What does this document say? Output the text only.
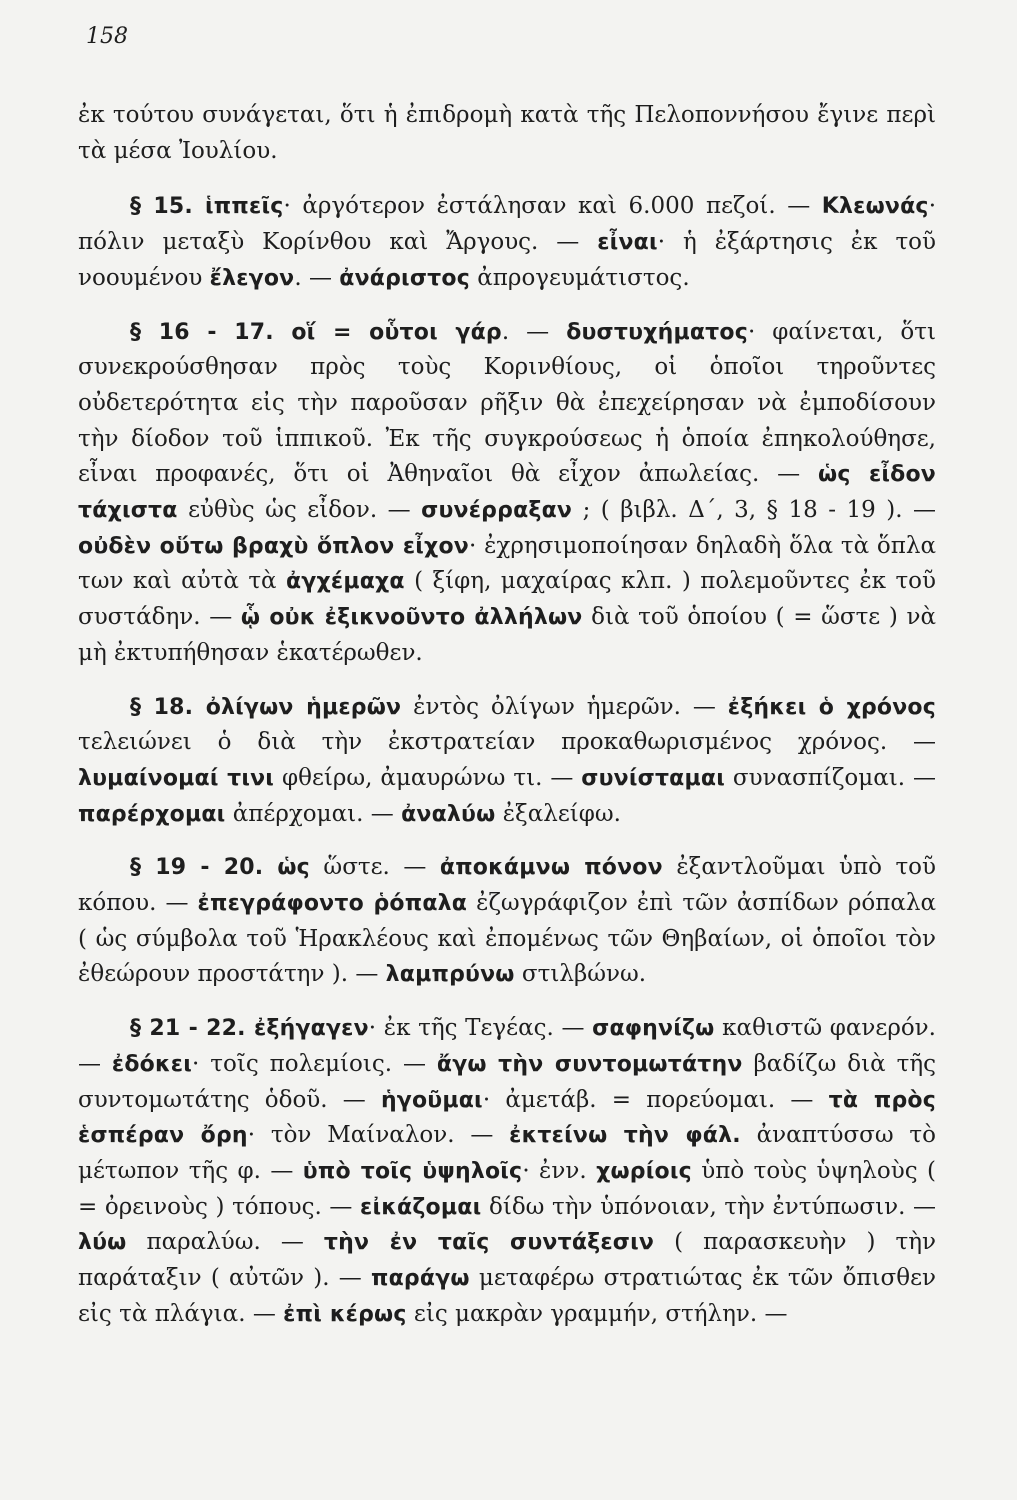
158

ἐκ τούτου συνάγεται, ὅτι ἡ ἐπιδρομὴ κατὰ τῆς Πελοποννήσου ἔγινε περὶ τὰ μέσα Ἰουλίου.

§ 15. ἱππεῖς· ἀργότερον ἐστάλησαν καὶ 6.000 πεζοί. — Κλεωνάς· πόλιν μεταξὺ Κορίνθου καὶ Ἄργους. — εἶναι· ἡ ἐξάρτησις ἐκ τοῦ νοουμένου ἔλεγον. — ἀνάριστος ἀπρογευμάτιστος.

§ 16 - 17. οἵ = οὗτοι γάρ. — δυστυχήματος· φαίνεται, ὅτι συνεκρούσθησαν πρὸς τοὺς Κορινθίους, οἱ ὁποῖοι τηροῦντες οὐδετερότητα εἰς τὴν παροῦσαν ρῆξιν θὰ ἐπεχείρησαν νὰ ἐμποδίσουν τὴν δίοδον τοῦ ἱππικοῦ. Ἐκ τῆς συγκρούσεως ἡ ὁποία ἐπηκολούθησε, εἶναι προφανές, ὅτι οἱ Ἀθηναῖοι θὰ εἶχον ἀπωλείας. — ὡς εἶδον τάχιστα εὐθὺς ὡς εἶδον. — συνέρραξαν ; ( βιβλ. Δ΄, 3, § 18 - 19 ). — οὐδὲν οὕτω βραχὺ ὅπλον εἶχον· ἐχρησιμοποίησαν δηλαδὴ ὅλα τὰ ὅπλα των καὶ αὐτὰ τὰ ἀγχέμαχα ( ξίφη, μαχαίρας κλπ. ) πολεμοῦντες ἐκ τοῦ συστάδην. — ᾧ οὐκ ἐξικνοῦντο ἀλλήλων διὰ τοῦ ὁποίου ( = ὥστε ) νὰ μὴ ἐκτυπήθησαν ἑκατέρωθεν.

§ 18. ὀλίγων ἡμερῶν ἐντὸς ὀλίγων ἡμερῶν. — ἐξήκει ὁ χρόνος τελειώνει ὁ διὰ τὴν ἐκστρατείαν προκαθωρισμένος χρόνος. — λυμαίνομαί τινι φθείρω, ἀμαυρώνω τι. — συνίσταμαι συνασπίζομαι. — παρέρχομαι ἀπέρχομαι. — ἀναλύω ἐξαλείφω.

§ 19 - 20. ὡς ὥστε. — ἀποκάμνω πόνον ἐξαντλοῦμαι ὑπὸ τοῦ κόπου. — ἐπεγράφοντο ῥόπαλα ἐζωγράφιζον ἐπὶ τῶν ἀσπίδων ρόπαλα ( ὡς σύμβολα τοῦ Ἡρακλέους καὶ ἐπομένως τῶν Θηβαίων, οἱ ὁποῖοι τὸν ἐθεώρουν προστάτην ). — λαμπρύνω στιλβώνω.

§ 21 - 22. ἐξήγαγεν· ἐκ τῆς Τεγέας. — σαφηνίζω καθιστῶ φανερόν. — ἐδόκει· τοῖς πολεμίοις. — ἄγω τὴν συντομωτάτην βαδίζω διὰ τῆς συντομωτάτης ὁδοῦ. — ἡγοῦμαι· ἀμετάβ. = πορεύομαι. — τὰ πρὸς ἑσπέραν ὄρη· τὸν Μαίναλον. — ἐκτείνω τὴν φάλ. ἀναπτύσσω τὸ μέτωπον τῆς φ. — ὑπὸ τοῖς ὑψηλοῖς· ἐνν. χωρίοις ὑπὸ τοὺς ὑψηλοὺς ( = ὀρεινοὺς ) τόπους. — εἰκάζομαι δίδω τὴν ὑπόνοιαν, τὴν ἐντύπωσιν. — λύω παραλύω. — τὴν ἐν ταῖς συντάξεσιν ( παρασκευὴν ) τὴν παράταξιν ( αὐτῶν ). — παράγω μεταφέρω στρατιώτας ἐκ τῶν ὄπισθεν εἰς τὰ πλάγια. — ἐπὶ κέρως εἰς μακρὰν γραμμήν, στήλην. —
